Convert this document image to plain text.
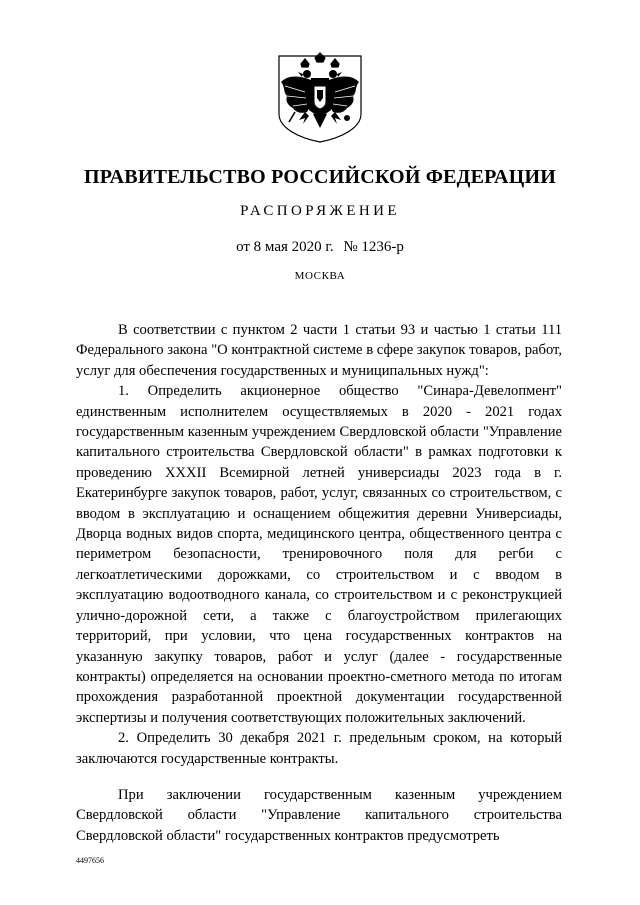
ПРАВИТЕЛЬСТВО РОССИЙСКОЙ ФЕДЕРАЦИИ
РАСПОРЯЖЕНИЕ
от 8 мая 2020 г. № 1236-р
МОСКВА

В соответствии с пунктом 2 части 1 статьи 93 и частью 1 статьи 111 Федерального закона "О контрактной системе в сфере закупок товаров, работ, услуг для обеспечения государственных и муниципальных нужд":

1. Определить акционерное общество "Синара-Девелопмент" единственным исполнителем осуществляемых в 2020 - 2021 годах государственным казенным учреждением Свердловской области "Управление капитального строительства Свердловской области" в рамках подготовки к проведению XXXII Всемирной летней универсиады 2023 года в г. Екатеринбурге закупок товаров, работ, услуг, связанных со строительством, с вводом в эксплуатацию и оснащением общежития деревни Универсиады, Дворца водных видов спорта, медицинского центра, общественного центра с периметром безопасности, тренировочного поля для регби с легкоатлетическими дорожками, со строительством и с вводом в эксплуатацию водоотводного канала, со строительством и с реконструкцией улично-дорожной сети, а также с благоустройством прилегающих территорий, при условии, что цена государственных контрактов на указанную закупку товаров, работ и услуг (далее - государственные контракты) определяется на основании проектно-сметного метода по итогам прохождения разработанной проектной документации государственной экспертизы и получения соответствующих положительных заключений.

2. Определить 30 декабря 2021 г. предельным сроком, на который заключаются государственные контракты.

При заключении государственным казенным учреждением Свердловской области "Управление капитального строительства Свердловской области" государственных контрактов предусмотреть

4497656
